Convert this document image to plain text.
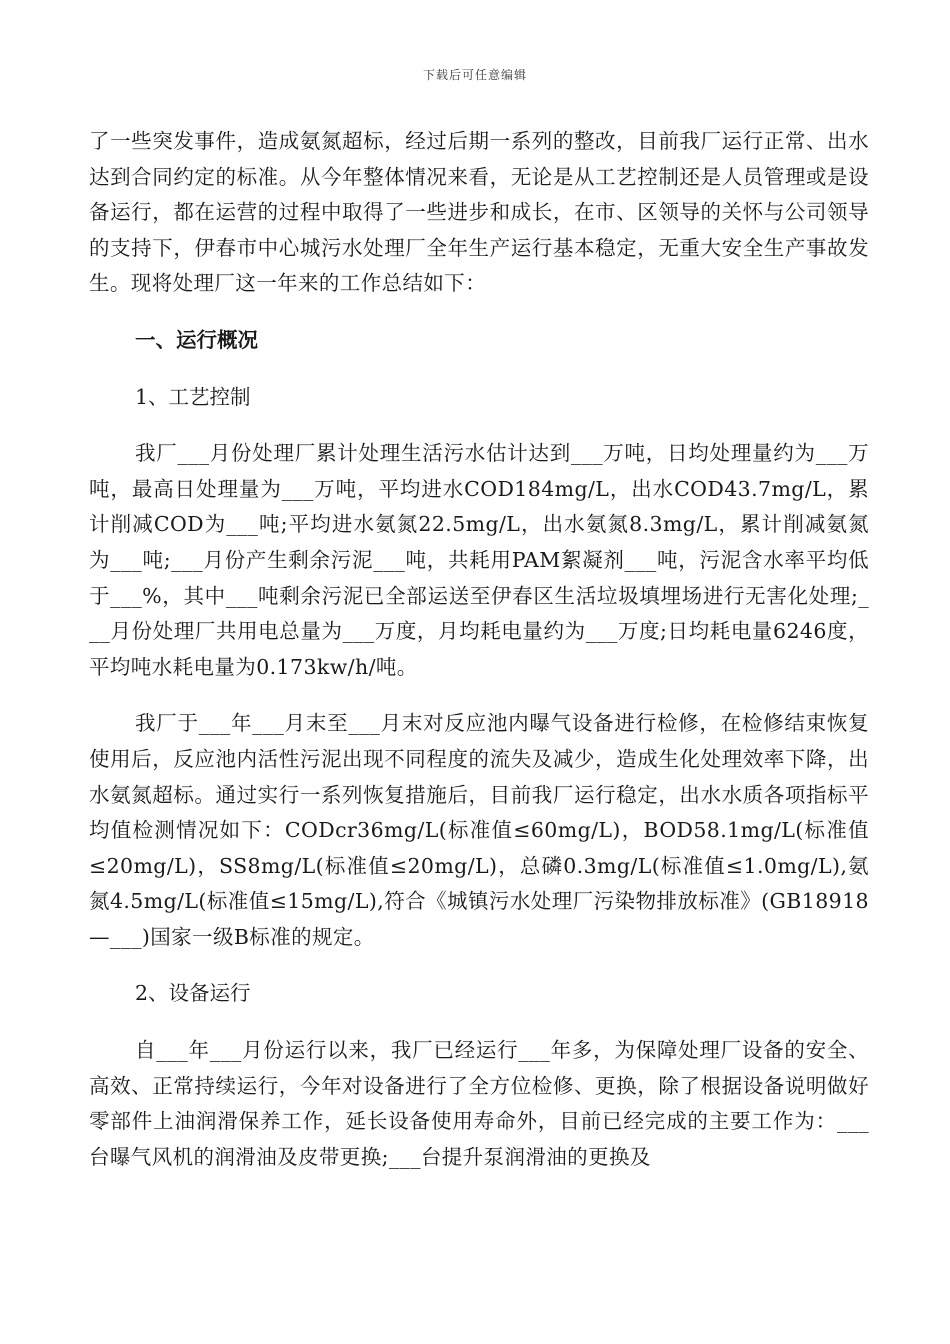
下载后可任意编辑

了一些突发事件，造成氨氮超标，经过后期一系列的整改，目前我厂运行正常、出水达到合同约定的标准。从今年整体情况来看，无论是从工艺控制还是人员管理或是设备运行，都在运营的过程中取得了一些进步和成长，在市、区领导的关怀与公司领导的支持下，伊春市中心城污水处理厂全年生产运行基本稳定，无重大安全生产事故发生。现将处理厂这一年来的工作总结如下：

一、运行概况

1、工艺控制

我厂___月份处理厂累计处理生活污水估计达到___万吨，日均处理量约为___万吨，最高日处理量为___万吨，平均进水COD184mg/L，出水COD43.7mg/L，累计削减COD为___吨;平均进水氨氮22.5mg/L，出水氨氮8.3mg/L，累计削减氨氮为___吨;___月份产生剩余污泥___吨，共耗用PAM絮凝剂___吨，污泥含水率平均低于___%，其中___吨剩余污泥已全部运送至伊春区生活垃圾填埋场进行无害化处理;___月份处理厂共用电总量为___万度，月均耗电量约为___万度;日均耗电量6246度，平均吨水耗电量为0.173kw/h/吨。

我厂于___年___月末至___月末对反应池内曝气设备进行检修，在检修结束恢复使用后，反应池内活性污泥出现不同程度的流失及减少，造成生化处理效率下降，出水氨氮超标。通过实行一系列恢复措施后，目前我厂运行稳定，出水水质各项指标平均值检测情况如下：CODcr36mg/L(标准值≤60mg/L)，BOD58.1mg/L(标准值≤20mg/L)，SS8mg/L(标准值≤20mg/L)，总磷0.3mg/L(标准值≤1.0mg/L),氨氮4.5mg/L(标准值≤15mg/L),符合《城镇污水处理厂污染物排放标准》(GB18918—___)国家一级B标准的规定。

2、设备运行

自___年___月份运行以来，我厂已经运行___年多，为保障处理厂设备的安全、高效、正常持续运行，今年对设备进行了全方位检修、更换，除了根据设备说明做好零部件上油润滑保养工作，延长设备使用寿命外，目前已经完成的主要工作为：___台曝气风机的润滑油及皮带更换;___台提升泵润滑油的更换及
